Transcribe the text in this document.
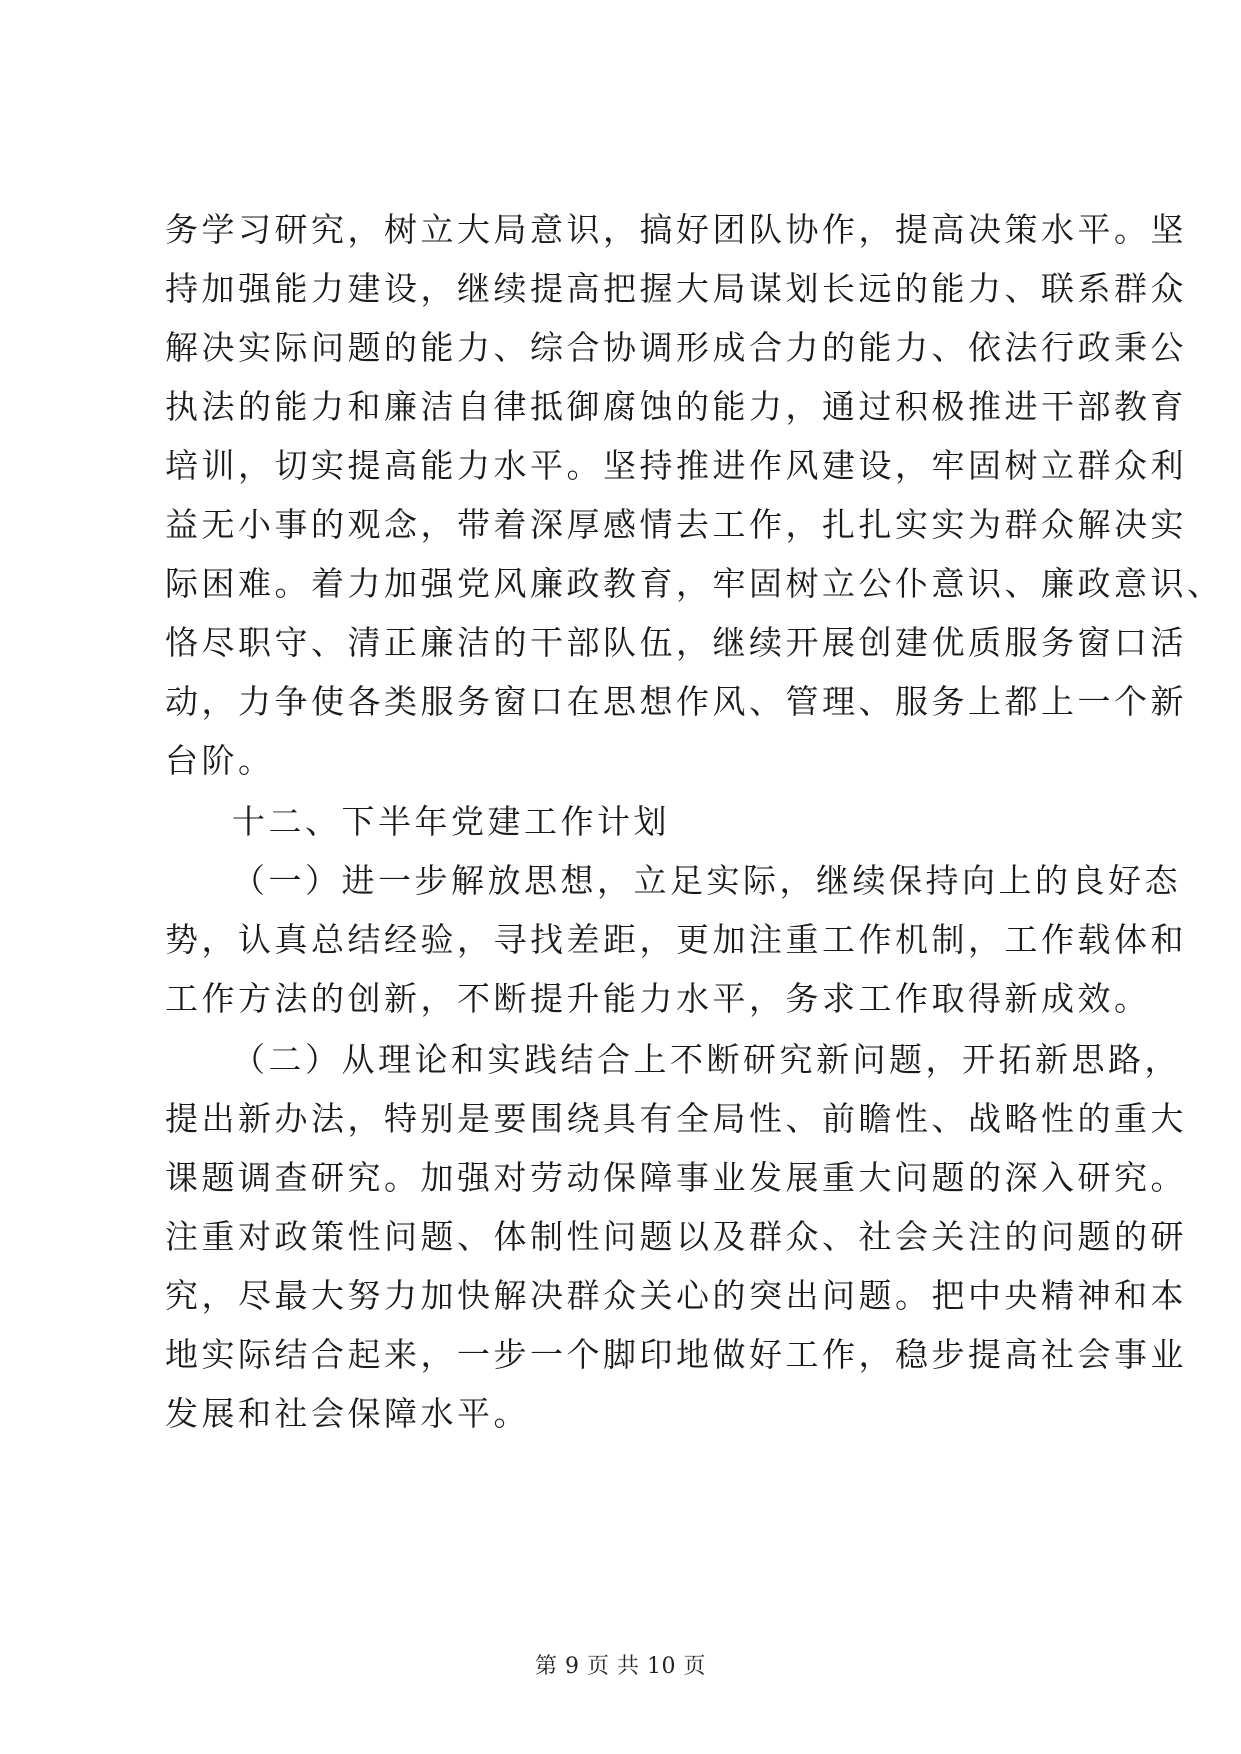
务学习研究，树立大局意识，搞好团队协作，提高决策水平。坚
持加强能力建设，继续提高把握大局谋划长远的能力、联系群众
解决实际问题的能力、综合协调形成合力的能力、依法行政秉公
执法的能力和廉洁自律抵御腐蚀的能力，通过积极推进干部教育
培训，切实提高能力水平。坚持推进作风建设，牢固树立群众利
益无小事的观念，带着深厚感情去工作，扎扎实实为群众解决实
际困难。着力加强党风廉政教育，牢固树立公仆意识、廉政意识、
恪尽职守、清正廉洁的干部队伍，继续开展创建优质服务窗口活
动，力争使各类服务窗口在思想作风、管理、服务上都上一个新
台阶。
十二、下半年党建工作计划
（一）进一步解放思想，立足实际，继续保持向上的良好态
势，认真总结经验，寻找差距，更加注重工作机制，工作载体和
工作方法的创新，不断提升能力水平，务求工作取得新成效。
（二）从理论和实践结合上不断研究新问题，开拓新思路，
提出新办法，特别是要围绕具有全局性、前瞻性、战略性的重大
课题调查研究。加强对劳动保障事业发展重大问题的深入研究。
注重对政策性问题、体制性问题以及群众、社会关注的问题的研
究，尽最大努力加快解决群众关心的突出问题。把中央精神和本
地实际结合起来，一步一个脚印地做好工作，稳步提高社会事业
发展和社会保障水平。
第 9 页 共 10 页
